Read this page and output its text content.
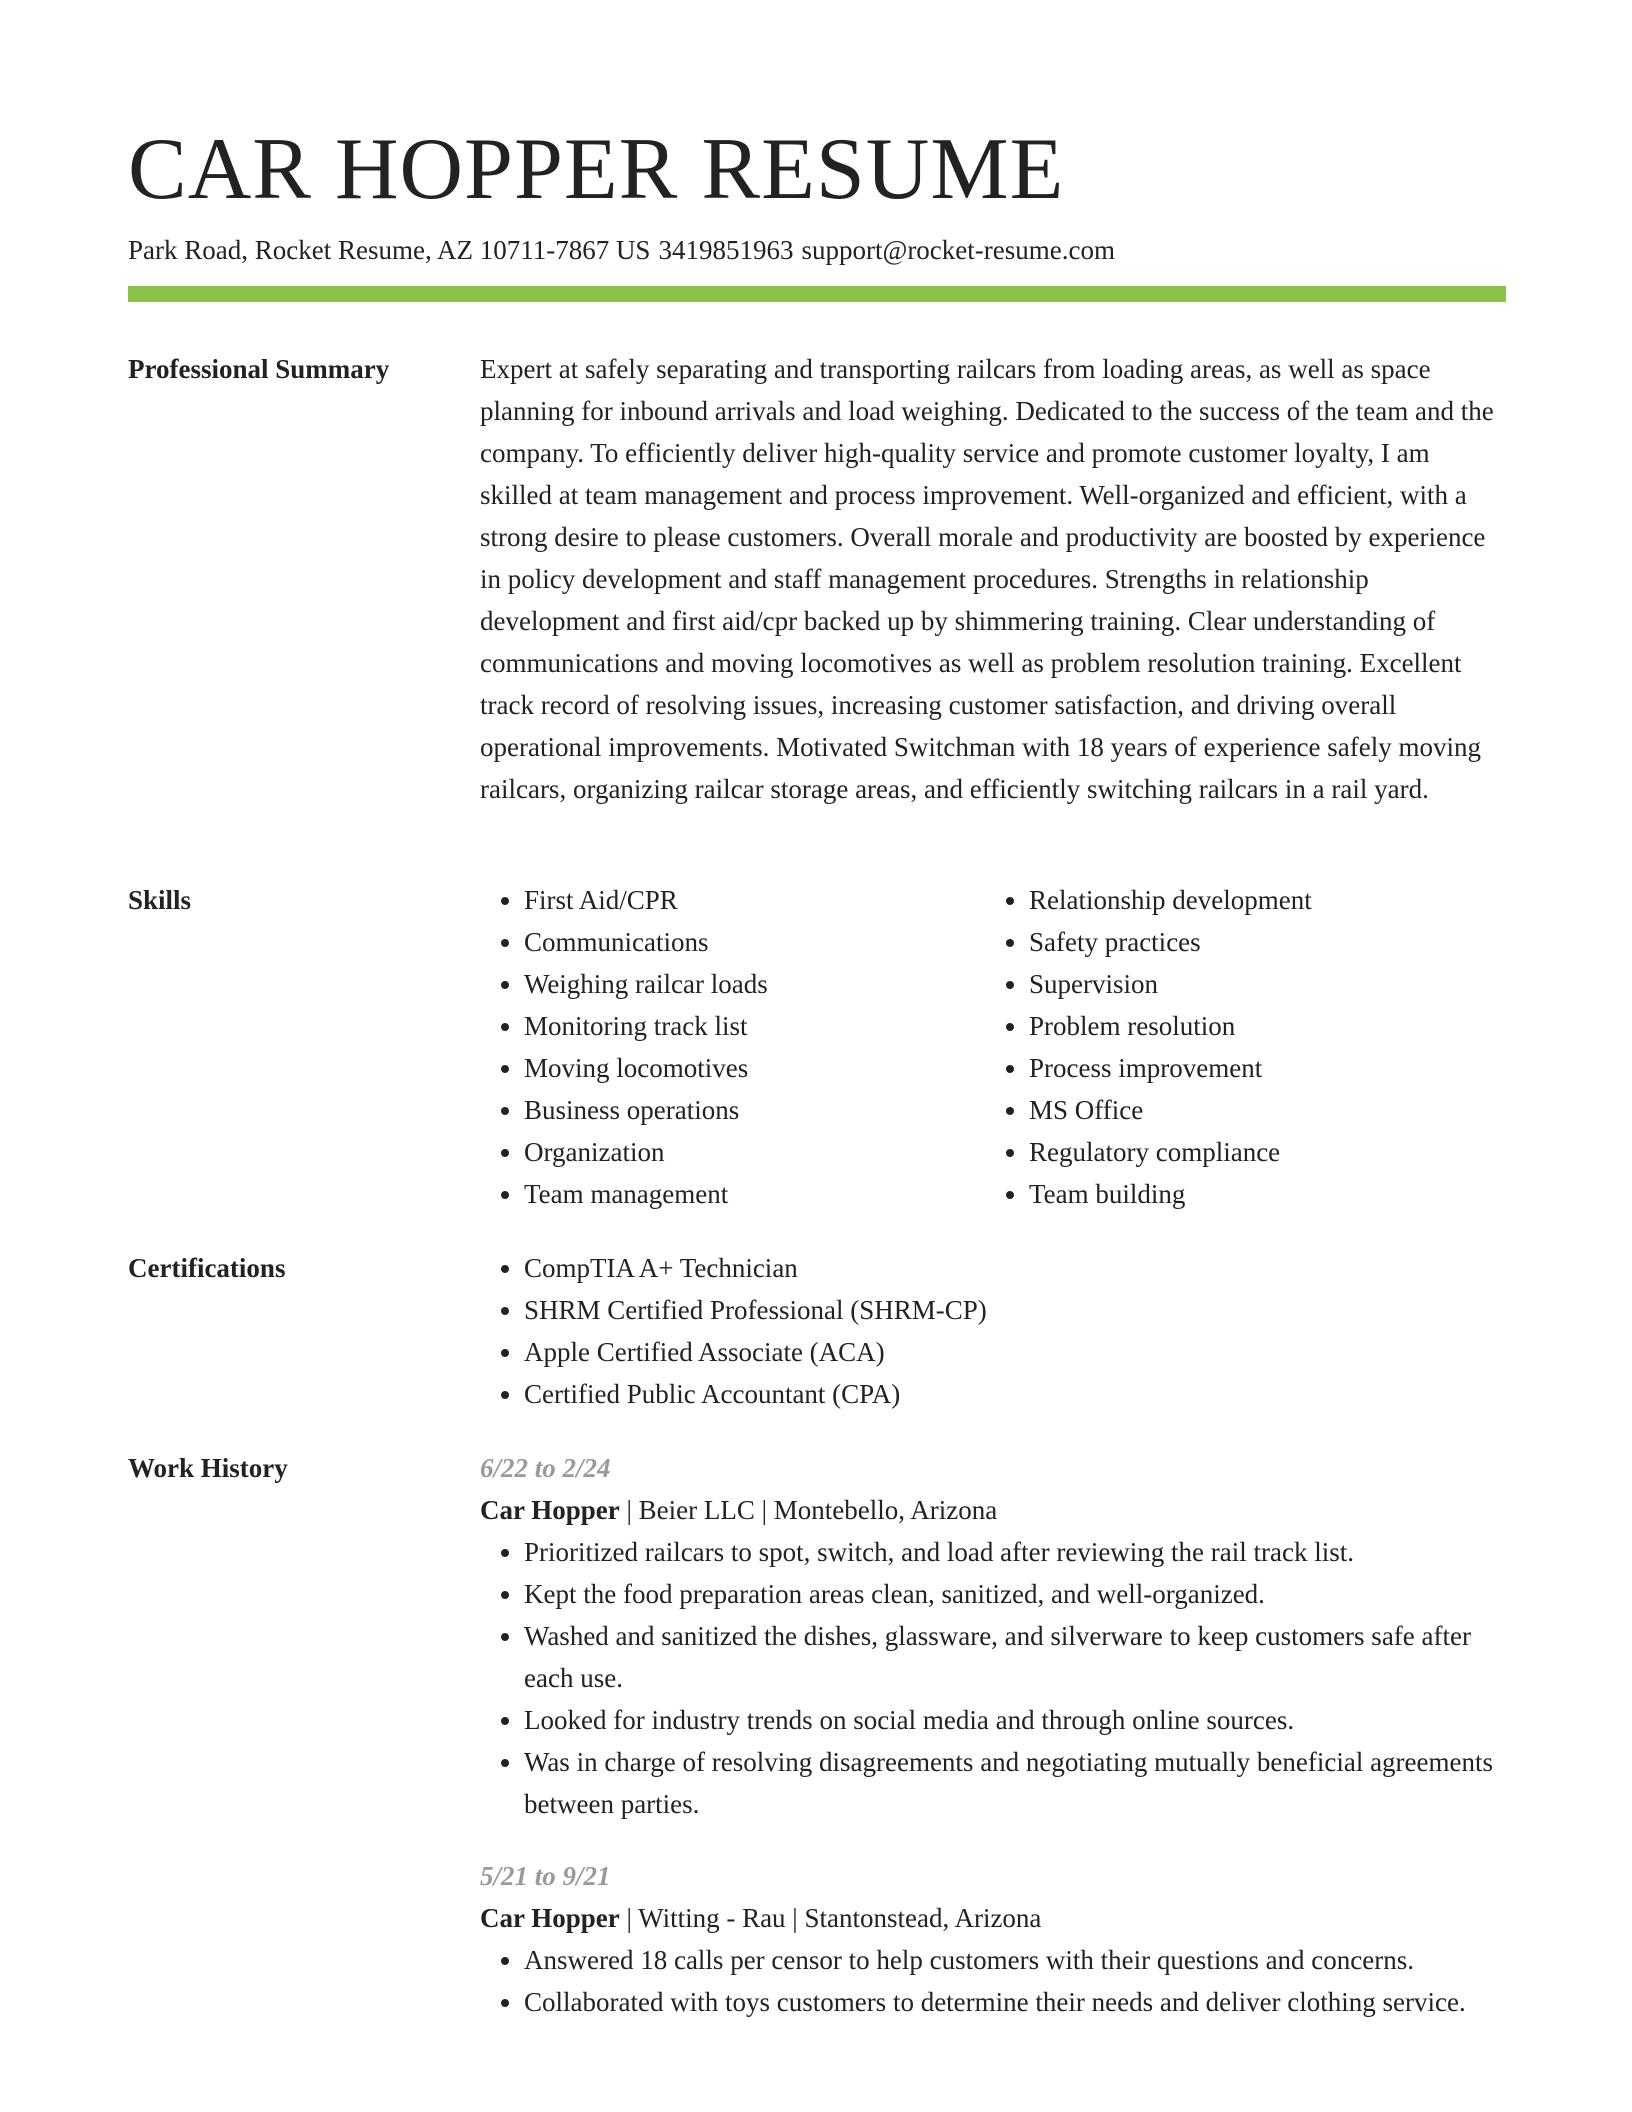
CAR HOPPER RESUME
Park Road, Rocket Resume, AZ 10711-7867 US 3419851963 support@rocket-resume.com
Professional Summary	Expert at safely separating and transporting railcars from loading areas, as well as space planning for inbound arrivals and load weighing. Dedicated to the success of the team and the company. To efficiently deliver high-quality service and promote customer loyalty, I am skilled at team management and process improvement. Well-organized and efficient, with a strong desire to please customers. Overall morale and productivity are boosted by experience in policy development and staff management procedures. Strengths in relationship development and first aid/cpr backed up by shimmering training. Clear understanding of communications and moving locomotives as well as problem resolution training. Excellent track record of resolving issues, increasing customer satisfaction, and driving overall operational improvements. Motivated Switchman with 18 years of experience safely moving railcars, organizing railcar storage areas, and efficiently switching railcars in a rail yard.

Skills	• First Aid/CPR
• Communications
• Weighing railcar loads
• Monitoring track list
• Moving locomotives
• Business operations
• Organization
• Team management
• Relationship development
• Safety practices
• Supervision
• Problem resolution
• Process improvement
• MS Office
• Regulatory compliance
• Team building
Certifications	• CompTIA A+ Technician
• SHRM Certified Professional (SHRM-CP)
• Apple Certified Associate (ACA)
• Certified Public Accountant (CPA)
Work History	6/22 to 2/24
Car Hopper | Beier LLC | Montebello, Arizona
• Prioritized railcars to spot, switch, and load after reviewing the rail track list.
• Kept the food preparation areas clean, sanitized, and well-organized.
• Washed and sanitized the dishes, glassware, and silverware to keep customers safe after each use.
• Looked for industry trends on social media and through online sources.
• Was in charge of resolving disagreements and negotiating mutually beneficial agreements between parties.
5/21 to 9/21
Car Hopper | Witting - Rau | Stantonstead, Arizona
• Answered 18 calls per censor to help customers with their questions and concerns.
• Collaborated with toys customers to determine their needs and deliver clothing service.
